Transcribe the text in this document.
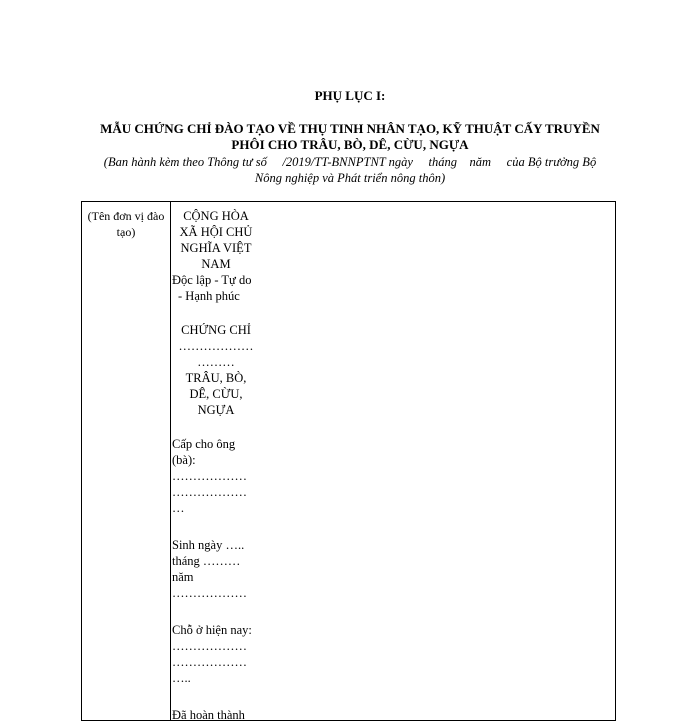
PHỤ LỤC I:
MẪU CHỨNG CHỈ ĐÀO TẠO VỀ THỤ TINH NHÂN TẠO, KỸ THUẬT CẤY TRUYỀN
PHÔI CHO TRÂU, BÒ, DÊ, CỪU, NGỰA
(Ban hành kèm theo Thông tư số     /2019/TT-BNNPTNT ngày     tháng    năm     của Bộ trưởng Bộ
Nông nghiệp và Phát triển nông thôn)
(Tên đơn vị đào tạo)
CỘNG HÒA
XÃ HỘI CHỦ
NGHĨA VIỆT
NAM
Độc lập - Tự do
- Hạnh phúc
CHỨNG CHỈ
………………
………
TRÂU, BÒ,
DÊ, CỪU,
NGỰA
Cấp cho ông
(bà):
………………
………………
…
Sinh ngày …..
tháng ………
năm
………………
Chỗ ở hiện nay:
………………
………………
…..
Đã hoàn thành
